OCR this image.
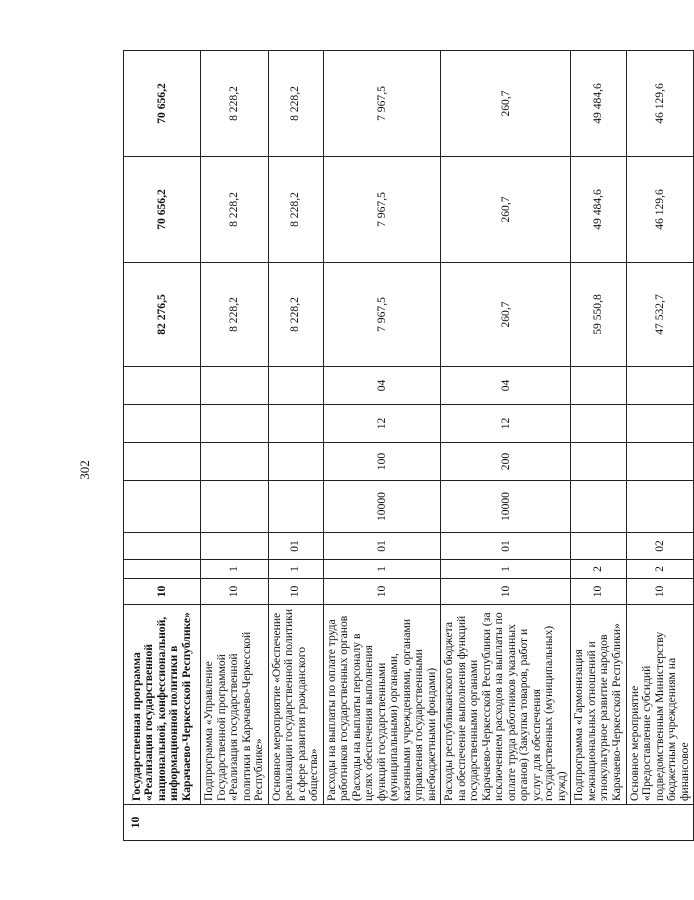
302
10	Государственная программа «Реализация государственной национальной, конфессиональной, информационной политики в Карачаево-Черкесской Республике»	10							82 276,5	70 656,2	70 656,2
	Подпрограмма «Управление Государственной программой «Реализация государственной политики в Карачаево-Черкесской Республике»	10	1						8 228,2	8 228,2	8 228,2
	Основное мероприятие «Обеспечение реализации государственной политики в сфере развития гражданского общества»	10	1	01					8 228,2	8 228,2	8 228,2
	Расходы на выплаты по оплате труда работников государственных органов (Расходы на выплаты персоналу в целях обеспечения выполнения функций государственными (муниципальными) органами, казенными учреждениями, органами управления государственными внебюджетными фондами)	10	1	01	10000	100	12	04	7 967,5	7 967,5	7 967,5
	Расходы республиканского бюджета на обеспечение выполнения функций государственными органами Карачаево-Черкесской Республики (за исключением расходов на выплаты по оплате труда работников указанных органов) (Закупка товаров, работ и услуг для обеспечения государственных (муниципальных) нужд)	10	1	01	10000	200	12	04	260,7	260,7	260,7
	Подпрограмма «Гармонизация межнациональных отношений и этнокультурное развитие народов Карачаево-Черкесской Республики»	10	2						59 550,8	49 484,6	49 484,6
	Основное мероприятие «Предоставление субсидий подведомственным Министерству бюджетным учреждениям на финансовое	10	2	02					47 532,7	46 129,6	46 129,6
